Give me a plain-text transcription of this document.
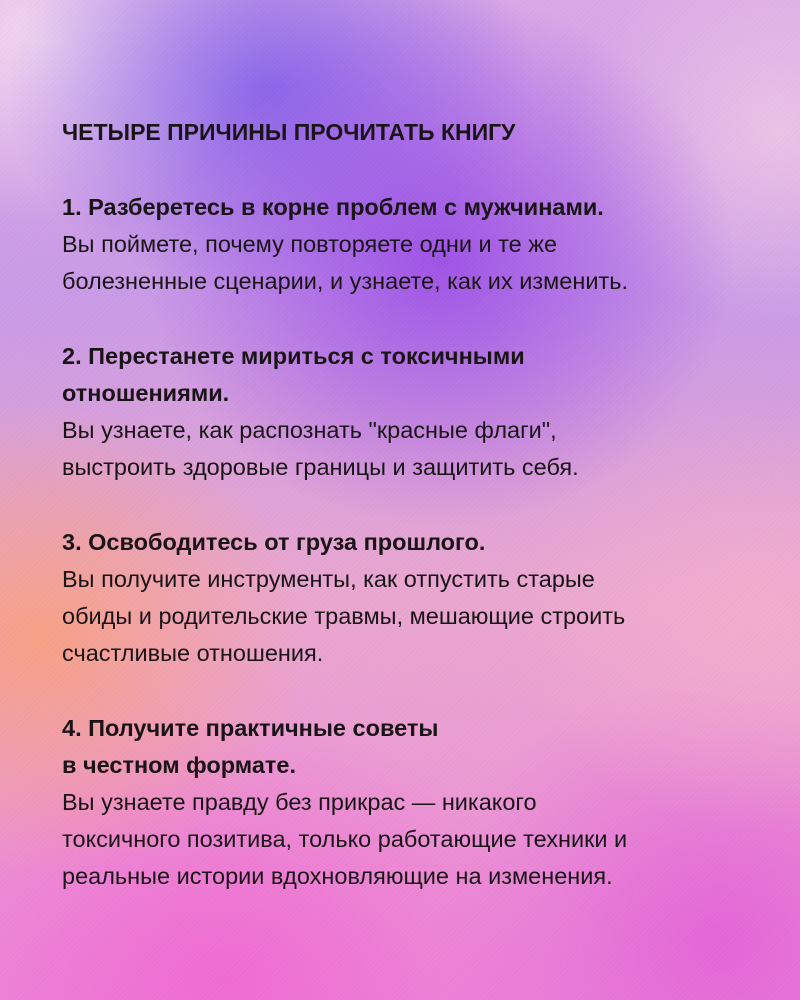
ЧЕТЫРЕ ПРИЧИНЫ ПРОЧИТАТЬ КНИГУ

1. Разберетесь в корне проблем с мужчинами.

Вы поймете, почему повторяете одни и те же
болезненные сценарии, и узнаете, как их изменить.

2. Перестанете мириться с токсичными
отношениями.

Вы узнаете, как распознать "красные флаги",
выстроить здоровые границы и защитить себя.

3. Освободитесь от груза прошлого.

Вы получите инструменты, как отпустить старые
обиды и родительские травмы, мешающие строить
счастливые отношения.

4. Получите практичные советы
в честном формате.

Вы узнаете правду без прикрас — никакого
токсичного позитива, только работающие техники и
реальные истории вдохновляющие на изменения.
